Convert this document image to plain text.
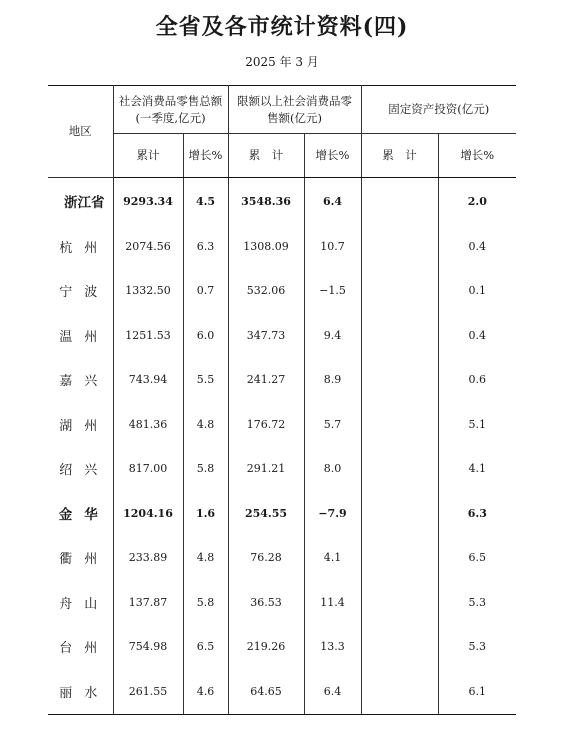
全省及各市统计资料(四)
2025 年 3 月
地区	社会消费品零售总额(一季度,亿元)		限额以上社会消费品零售额(亿元)		固定资产投资(亿元)	
	累计	增长%	累　计	增长%	累　计	增长%
浙江省	9293.34	4.5	3548.36	6.4		2.0
杭州	2074.56	6.3	1308.09	10.7		0.4
宁波	1332.50	0.7	532.06	−1.5		0.1
温州	1251.53	6.0	347.73	9.4		0.4
嘉兴	743.94	5.5	241.27	8.9		0.6
湖州	481.36	4.8	176.72	5.7		5.1
绍兴	817.00	5.8	291.21	8.0		4.1
金华	1204.16	1.6	254.55	−7.9		6.3
衢州	233.89	4.8	76.28	4.1		6.5
舟山	137.87	5.8	36.53	11.4		5.3
台州	754.98	6.5	219.26	13.3		5.3
丽水	261.55	4.6	64.65	6.4		6.1
